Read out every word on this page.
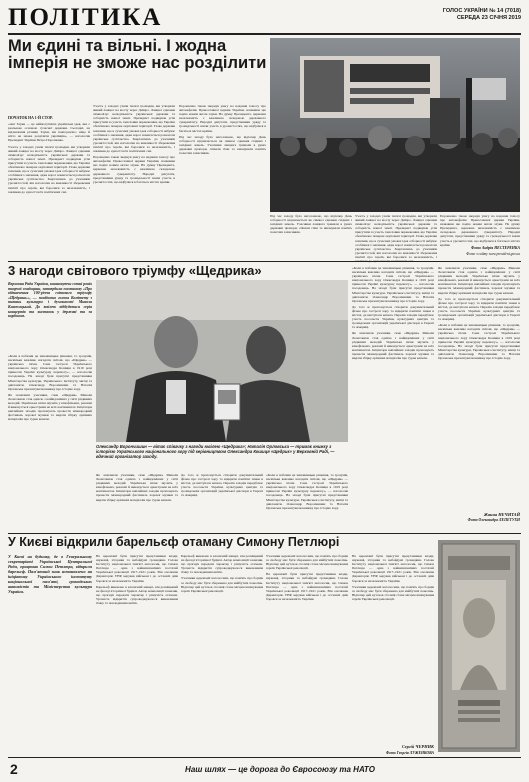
ПОЛІТИКА	ГОЛОС УКРАЇНИ № 14 (7018)
СЕРЕДА 23 СІЧНЯ 2019
Ми єдині та вільні. І жодна імперія не зможе нас розділити
ПОЧАТОК НА 1-Й СТОР.

«Акт Злуки — це наймогутніша українська ідея, яка є реальною основою сучасної держави. Сьогодні, на відзначення річниці Злуки, ми повторюємо: ніщо й ніхто не зможе розділити українців», — наголосив Президент України Петро Порошенко.

Участь у заходах узяли тисячі громадян, які утворили живий ланцюг на мосту через Дніпро. Ланцюг єднання символізує неподільність української держави та соборність нашої землі. Президент подякував усім присутнім за участь і висловив переконання, що Україна обов'язково поверне окуповані території. Глава держави зазначив, що в сучасних умовах ідея соборності набуває особливого значення, адже ворог намагається розколоти українське суспільство. Звертаючись до учасників урочистостей, він наголосив на важливості збереження пам'яті про героїв, які боролися за незалежність, і закликав до єдності всіх політичних сил.

Участь у заходах узяли тисячі громадян, які утворили живий ланцюг на мосту через Дніпро. Ланцюг єднання символізує неподільність української держави та соборність нашої землі. Президент подякував усім присутнім за участь і висловив переконання, що Україна обов'язково поверне окуповані території. Глава держави зазначив, що в сучасних умовах ідея соборності набуває особливого значення, адже ворог намагається розколоти українське суспільство. Звертаючись до учасників урочистостей, він наголосив на важливості збереження пам'яті про героїв, які боролися за незалежність, і закликав до єдності всіх політичних сил.

Порошенко також звернув увагу на надання томосу про автокефалію Православної церкви України, назвавши цю подію новим актом злуки. На думку Президента, церковна незалежність є важливою складовою державного суверенітету. Народні депутати, представники уряду та громадськості взяли участь в урочистостях, що відбулися в багатьох містах країни.

Порошенко також звернув увагу на надання томосу про автокефалію Православної церкви України, назвавши цю подію новим актом злуки. На думку Президента, церковна незалежність є важливою складовою державного суверенітету. Народні депутати, представники уряду та громадськості взяли участь в урочистостях, що відбулися в багатьох містах країни.

Під час заходу було наголошено, що відтепер День соборності відзначається як символ єднання східних і західних земель. Учасники ланцюга тримали в руках державні прапори, співали гімн та вшанували пам'ять полеглих захисників.

Під час заходу було наголошено, що відтепер День соборності відзначається як символ єднання східних і західних земель. Учасники ланцюга тримали в руках державні прапори, співали гімн та вшанували пам'ять полеглих захисників.

Участь у заходах узяли тисячі громадян, які утворили живий ланцюг на мосту через Дніпро. Ланцюг єднання символізує неподільність української держави та соборність нашої землі. Президент подякував усім присутнім за участь і висловив переконання, що Україна обов'язково поверне окуповані території. Глава держави зазначив, що в сучасних умовах ідея соборності набуває особливого значення, адже ворог намагається розколоти українське суспільство. Звертаючись до учасників урочистостей, він наголосив на важливості збереження пам'яті про героїв, які боролися за незалежність, і

Порошенко також звернув увагу на надання томосу про автокефалію Православної церкви України, назвавши цю подію новим актом злуки. На думку Президента, церковна незалежність є важливою складовою державного суверенітету. Народні депутати, представники уряду та громадськості взяли участь в урочистостях, що відбулися в багатьох містах країни.

Фото Андрія НЕСТЕРЕНКА
Фото з сайту www.president.gov.ua
3 нагоди світового тріумфу «Щедрика»
Верховна Рада України, вшановуючи сотні років творчої спадщини, затвердила постанову «Про відзначення 100-річчя світового тріумфу «Щедрика»», — повідомив голова Комітету з питань культури і духовності Микола Княжицький. До ювілею відбудеться серія концертів та виставок у державі та за кордоном.

«Коли я побачив це чиновницьке рішення, то зрозумів, наскільки важливо нагадати світові, що «Щедрик» — українська пісня. Саме гастролі Українського національного хору Олександра Кошиця в 1919 році принесли Україні культурну перемогу», — наголосив посадовець. На заході були присутні представники Міністерства культури, Українського інституту, митці та дипломати. Олександр Ворончишин та Наталія Орловська презентували книжку про історію хору.

Як зазначили учасники, саме «Щедрик» Миколи Леонтовича став однією з найвідоміших у світі різдвяних мелодій. Українська пісня звучить у кінофільмах, рекламі й виконується оркестрами на всіх континентах. Ініціатори ювілейних заходів пропонують провести міжнародний фестиваль хорової музики та видати збірку архівних матеріалів про турне капели.

Олександр Ворончишин — вітає співачку з нагоди ювілею «Щедрика»; Наталія Орловська — тримає книжку з історією Українського національного хору під керівництвом Олександра Кошиця «Щедрик» у Верховній Раді, — вдячний організатор заходу.

Як зазначили учасники, саме «Щедрик» Миколи Леонтовича став однією з найвідоміших у світі різдвяних мелодій. Українська пісня звучить у кінофільмах, рекламі й виконується оркестрами на всіх континентах. Ініціатори ювілейних заходів пропонують провести міжнародний фестиваль хорової музики та видати збірку архівних матеріалів про турне капели.

До того ж пропонується створити документальний фільм про гастролі хору та відкрити пам'ятні знаки в містах, де виступала капела. Перелік заходів передбачає участь посольств України, культурних центрів та громадських організацій української діаспори в Європі та Америці.

«Коли я побачив це чиновницьке рішення, то зрозумів, наскільки важливо нагадати світові, що «Щедрик» — українська пісня. Саме гастролі Українського національного хору Олександра Кошиця в 1919 році принесли Україні культурну перемогу», — наголосив посадовець. На заході були присутні представники Міністерства культури, Українського інституту, митці та дипломати. Олександр Ворончишин та Наталія Орловська презентували книжку про історію хору.

«Коли я побачив це чиновницьке рішення, то зрозумів, наскільки важливо нагадати світові, що «Щедрик» — українська пісня. Саме гастролі Українського національного хору Олександра Кошиця в 1919 році принесли Україні культурну перемогу», — наголосив посадовець. На заході були присутні представники Міністерства культури, Українського інституту, митці та дипломати. Олександр Ворончишин та Наталія Орловська презентували книжку про історію хору.

До того ж пропонується створити документальний фільм про гастролі хору та відкрити пам'ятні знаки в містах, де виступала капела. Перелік заходів передбачає участь посольств України, культурних центрів та громадських організацій української діаспори в Європі та Америці.

Як зазначили учасники, саме «Щедрик» Миколи Леонтовича став однією з найвідоміших у світі різдвяних мелодій. Українська пісня звучить у кінофільмах, рекламі й виконується оркестрами на всіх континентах. Ініціатори ювілейних заходів пропонують провести міжнародний фестиваль хорової музики та видати збірку архівних матеріалів про турне капели.

Як зазначили учасники, саме «Щедрик» Миколи Леонтовича став однією з найвідоміших у світі різдвяних мелодій. Українська пісня звучить у кінофільмах, рекламі й виконується оркестрами на всіх континентах. Ініціатори ювілейних заходів пропонують провести міжнародний фестиваль хорової музики та видати збірку архівних матеріалів про турне капели.

До того ж пропонується створити документальний фільм про гастролі хору та відкрити пам'ятні знаки в містах, де виступала капела. Перелік заходів передбачає участь посольств України, культурних центрів та громадських організацій української діаспори в Європі та Америці.

«Коли я побачив це чиновницьке рішення, то зрозумів, наскільки важливо нагадати світові, що «Щедрик» — українська пісня. Саме гастролі Українського національного хору Олександра Кошиця в 1919 році принесли Україні культурну перемогу», — наголосив посадовець. На заході були присутні представники Міністерства культури, Українського інституту, митці та дипломати. Олександр Ворончишин та Наталія Орловська презентували книжку про історію хору.

Жанна НЕЧИТАЙ
Фото Олександра ЛЕПЕТУХИ
У Києві відкрили барельєф отаману Симону Петлюрі
У Києві на будинку, де в Генеральному секретаріаті Української Центральної Ради, працював Симон Петлюра, відкрили барельєф. Пам'ятний знак встановлено на ініціативу Українського інституту національної пам'яті, громадських активістів та Міністерства культури України.

На церемонії були присутні представники влади, науковці, історики та небайдужі громадяни. Голова Інституту національної пам'яті наголосив, що Симон Петлюра — одна з найвизначніших постатей Української революції 1917–1921 років. Він очолював Директорію УНР, керував військом і до останніх днів боровся за незалежність України.

Барельєф виконано в класичній манері, він розміщений на фасаді історичної будівлі. Автор композиції зазначив, що прагнув передати характер і рішучість отамана. Урочисте відкриття супроводжувалося виконанням гімну та покладанням квітів.

Барельєф виконано в класичній манері, він розміщений на фасаді історичної будівлі. Автор композиції зазначив, що прагнув передати характер і рішучість отамана. Урочисте відкриття супроводжувалося виконанням гімну та покладанням квітів.

Учасники церемонії наголосили, що пам'ять про борців за свободу має бути збережена для майбутніх поколінь. Відтепер цей куточок столиці стане місцем вшанування героїв Української революції.

Учасники церемонії наголосили, що пам'ять про борців за свободу має бути збережена для майбутніх поколінь. Відтепер цей куточок столиці стане місцем вшанування героїв Української революції.

На церемонії були присутні представники влади, науковці, історики та небайдужі громадяни. Голова Інституту національної пам'яті наголосив, що Симон Петлюра — одна з найвизначніших постатей Української революції 1917–1921 років. Він очолював Директорію УНР, керував військом і до останніх днів боровся за незалежність України.

На церемонії були присутні представники влади, науковці, історики та небайдужі громадяни. Голова Інституту національної пам'яті наголосив, що Симон Петлюра — одна з найвизначніших постатей Української революції 1917–1921 років. Він очолював Директорію УНР, керував військом і до останніх днів боровся за незалежність України.

Учасники церемонії наголосили, що пам'ять про борців за свободу має бути збережена для майбутніх поколінь. Відтепер цей куточок столиці стане місцем вшанування героїв Української революції.

Сергій ЧЕРНИК
Фото Георгія ЛУЖЕНКОВА
2	Наш шлях — це дорога до Євросоюзу та НАТО
